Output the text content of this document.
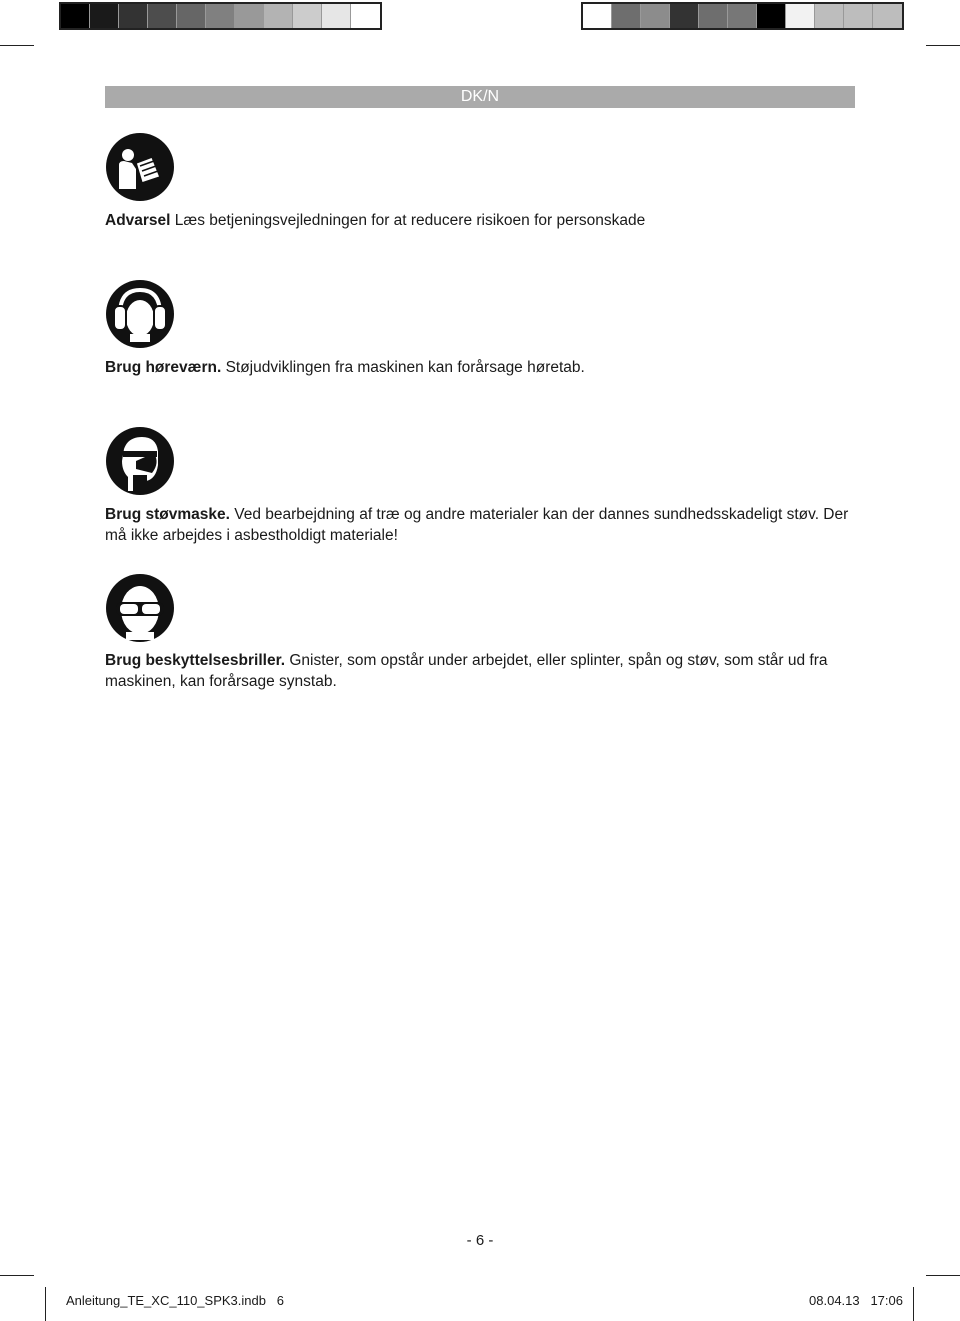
DK/N
Advarsel Læs betjeningsvejledningen for at reducere risikoen for personskade
Brug høreværn. Støjudviklingen fra maskinen kan forårsage høretab.
Brug støvmaske. Ved bearbejdning af træ og andre materialer kan der dannes sundhedsskadeligt støv. Der må ikke arbejdes i asbestholdigt materiale!
Brug beskyttelsesbriller. Gnister, som opstår under arbejdet, eller splinter, spån og støv, som står ud fra maskinen, kan forårsage synstab.
- 6 -
Anleitung_TE_XC_110_SPK3.indb   6	08.04.13   17:06
